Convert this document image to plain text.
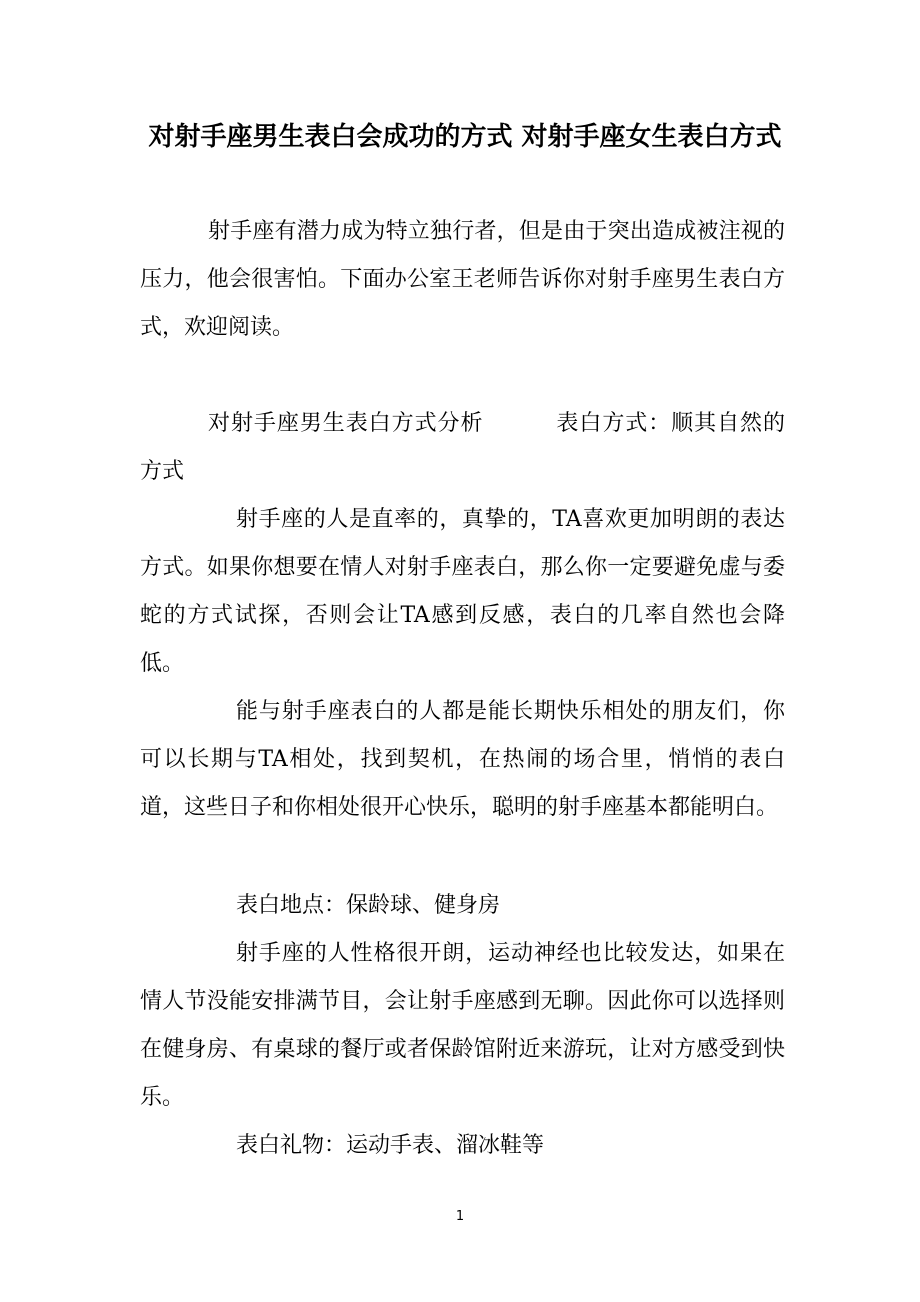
对射手座男生表白会成功的方式 对射手座女生表白方式

射手座有潜力成为特立独行者，但是由于突出造成被注视的压力，他会很害怕。下面办公室王老师告诉你对射手座男生表白方式，欢迎阅读。

对射手座男生表白方式分析	表白方式：顺其自然的方式

射手座的人是直率的，真挚的，TA喜欢更加明朗的表达方式。如果你想要在情人对射手座表白，那么你一定要避免虚与委蛇的方式试探，否则会让TA感到反感，表白的几率自然也会降低。

能与射手座表白的人都是能长期快乐相处的朋友们，你可以长期与TA相处，找到契机，在热闹的场合里，悄悄的表白道，这些日子和你相处很开心快乐，聪明的射手座基本都能明白。

表白地点：保龄球、健身房

射手座的人性格很开朗，运动神经也比较发达，如果在情人节没能安排满节目，会让射手座感到无聊。因此你可以选择则在健身房、有桌球的餐厅或者保龄馆附近来游玩，让对方感受到快乐。

表白礼物：运动手表、溜冰鞋等

1
